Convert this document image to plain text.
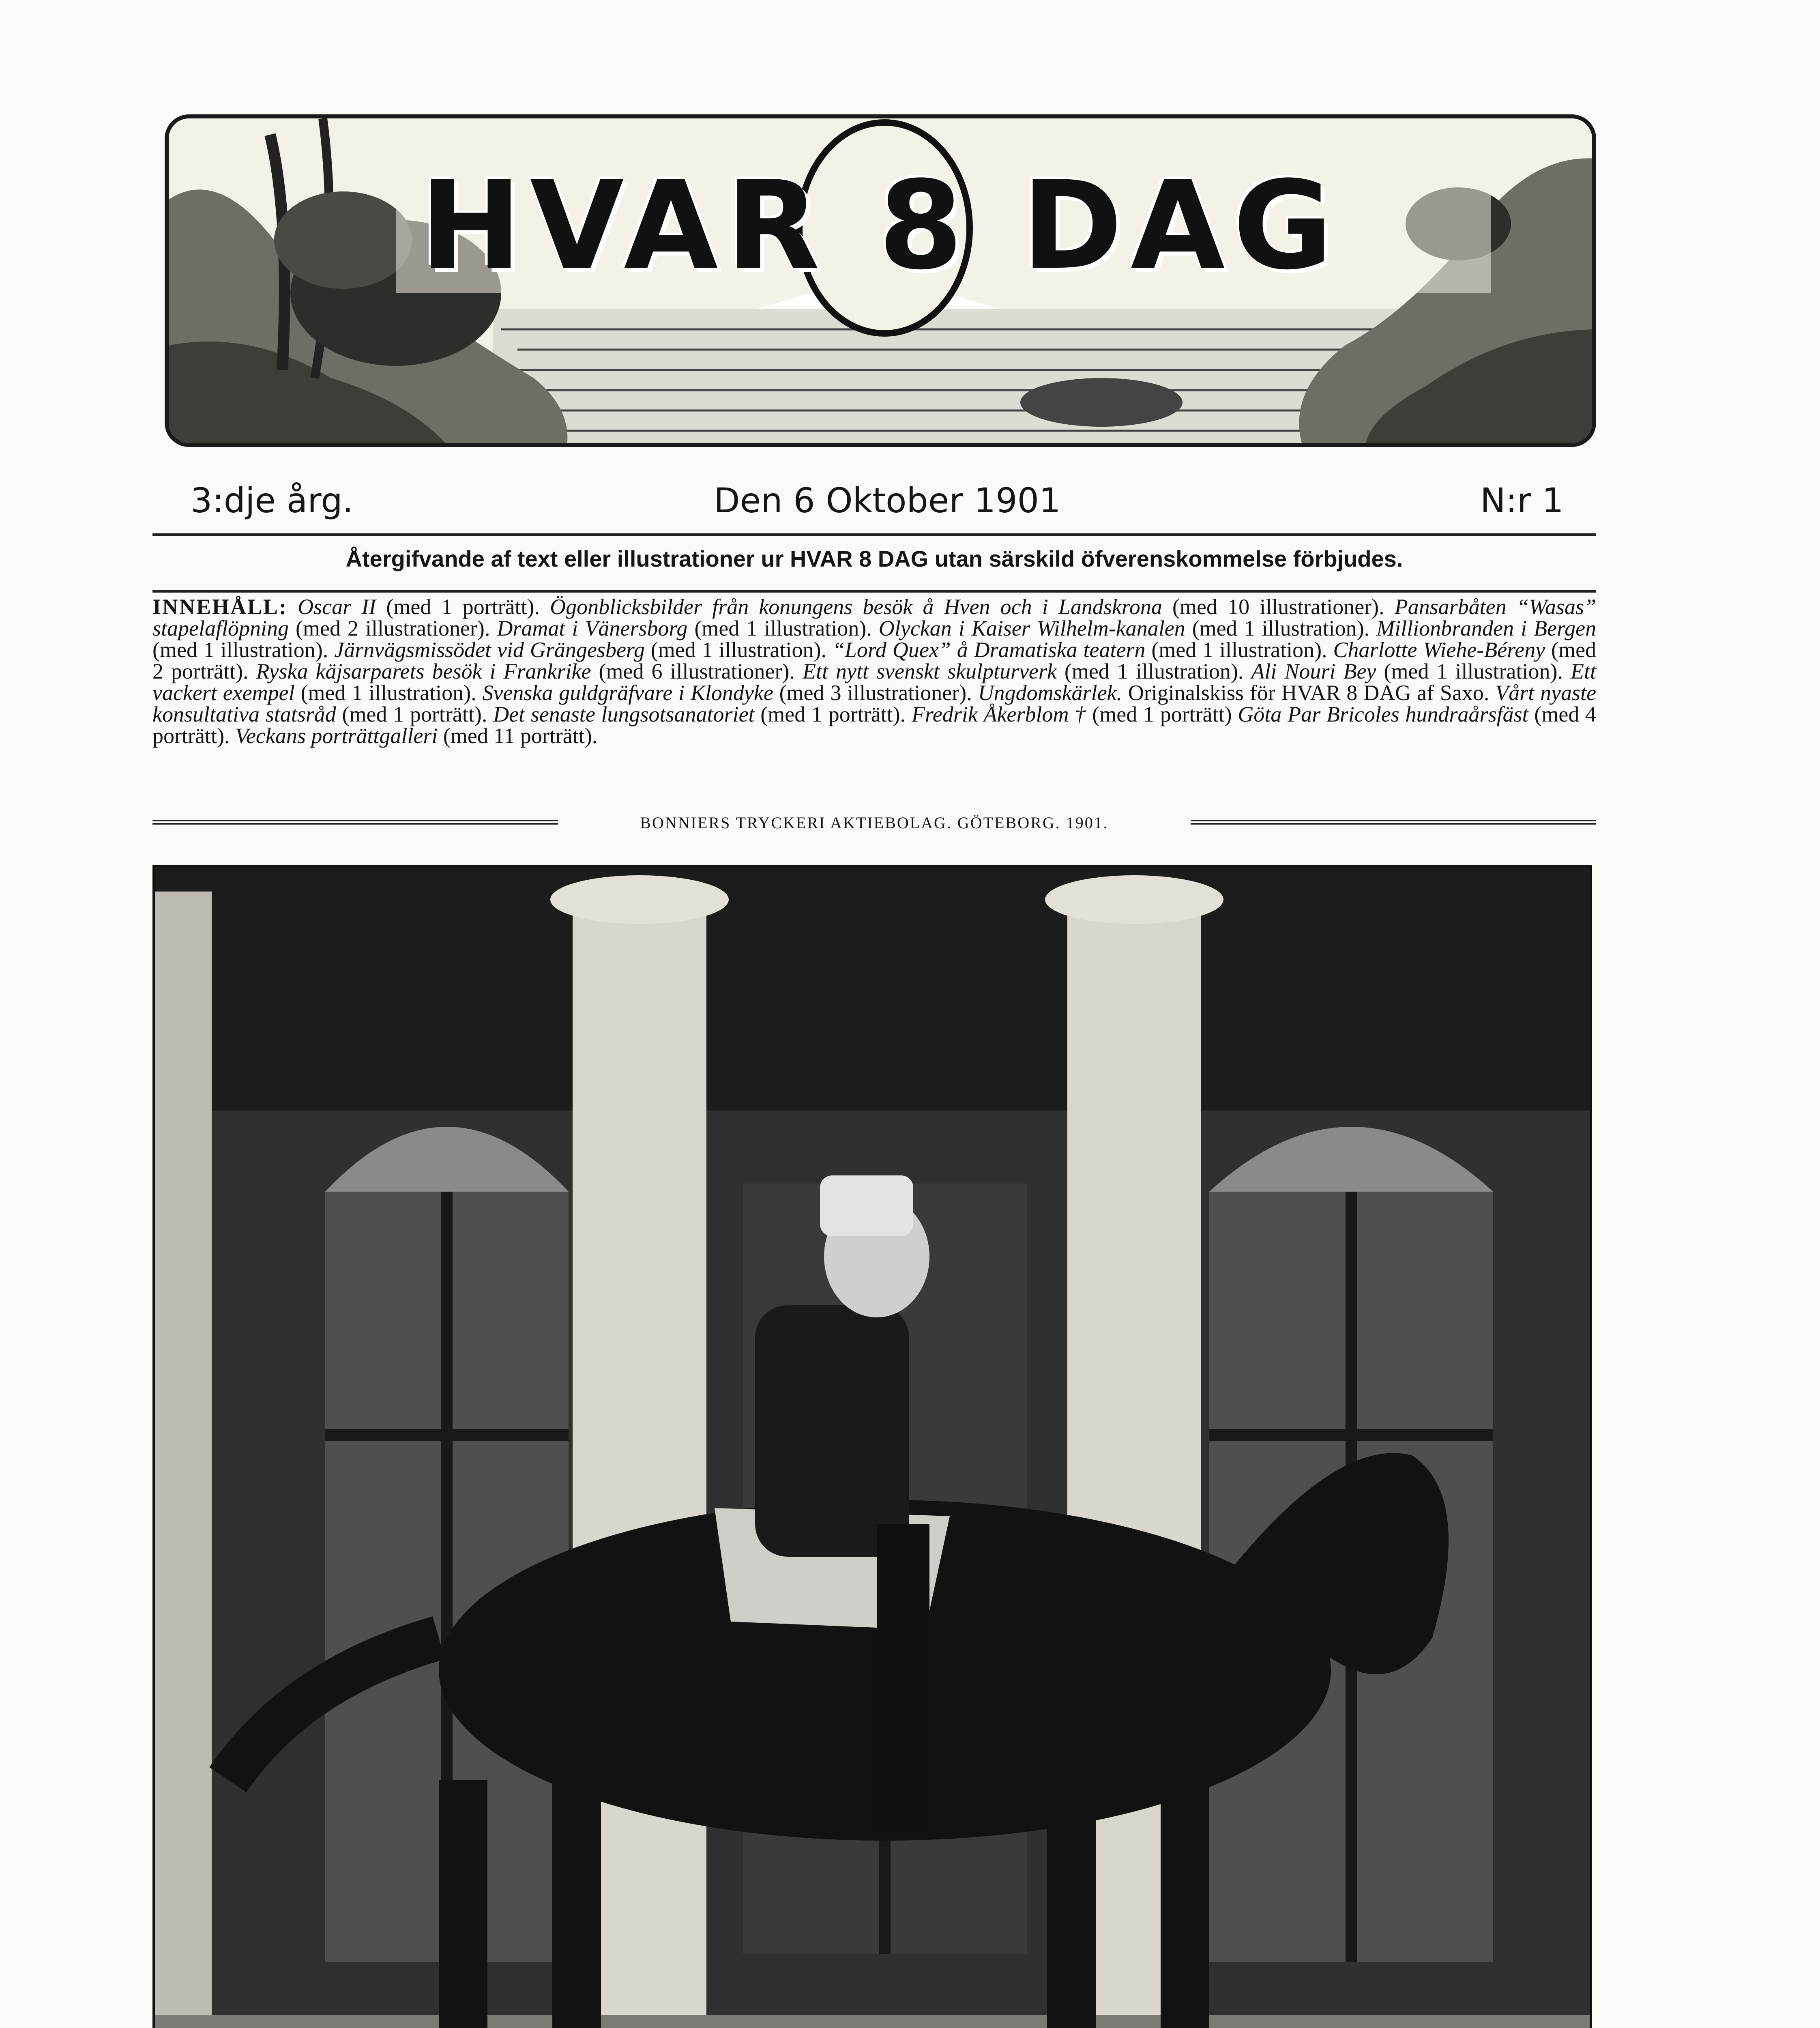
HVAR 8 DAG
3:dje årg.	Den 6 Oktober 1901	N:r 1
Återgifvande af text eller illustrationer ur HVAR 8 DAG utan särskild öfverenskommelse förbjudes.
INNEHÅLL: Oscar II (med 1 porträtt). Ögonblicksbilder från konungens besök å Hven och i Landskrona (med 10 illustrationer). Pansarbåten “Wasas” stapelaflöpning (med 2 illustrationer). Dramat i Vänersborg (med 1 illustration). Olyckan i Kaiser Wilhelm-kanalen (med 1 illustration). Millionbranden i Bergen (med 1 illustration). Järnvägsmissödet vid Grängesberg (med 1 illustration). “Lord Quex” å Dramatiska teatern (med 1 illustration). Charlotte Wiehe-Béreny (med 2 porträtt). Ryska käjsarparets besök i Frankrike (med 6 illustrationer). Ett nytt svenskt skulpturverk (med 1 illustration). Ali Nouri Bey (med 1 illustration). Ett vackert exempel (med 1 illustration). Svenska guldgräfvare i Klondyke (med 3 illustrationer). Ungdomskärlek. Originalskiss för HVAR 8 DAG af Saxo. Vårt nyaste konsultativa statsråd (med 1 porträtt). Det senaste lungsotsanatoriet (med 1 porträtt). Fredrik Åkerblom † (med 1 porträtt) Göta Par Bricoles hundraårsfäst (med 4 porträtt). Veckans porträttgalleri (med 11 porträtt).
BONNIERS TRYCKERI AKTIEBOLAG. GÖTEBORG. 1901.
